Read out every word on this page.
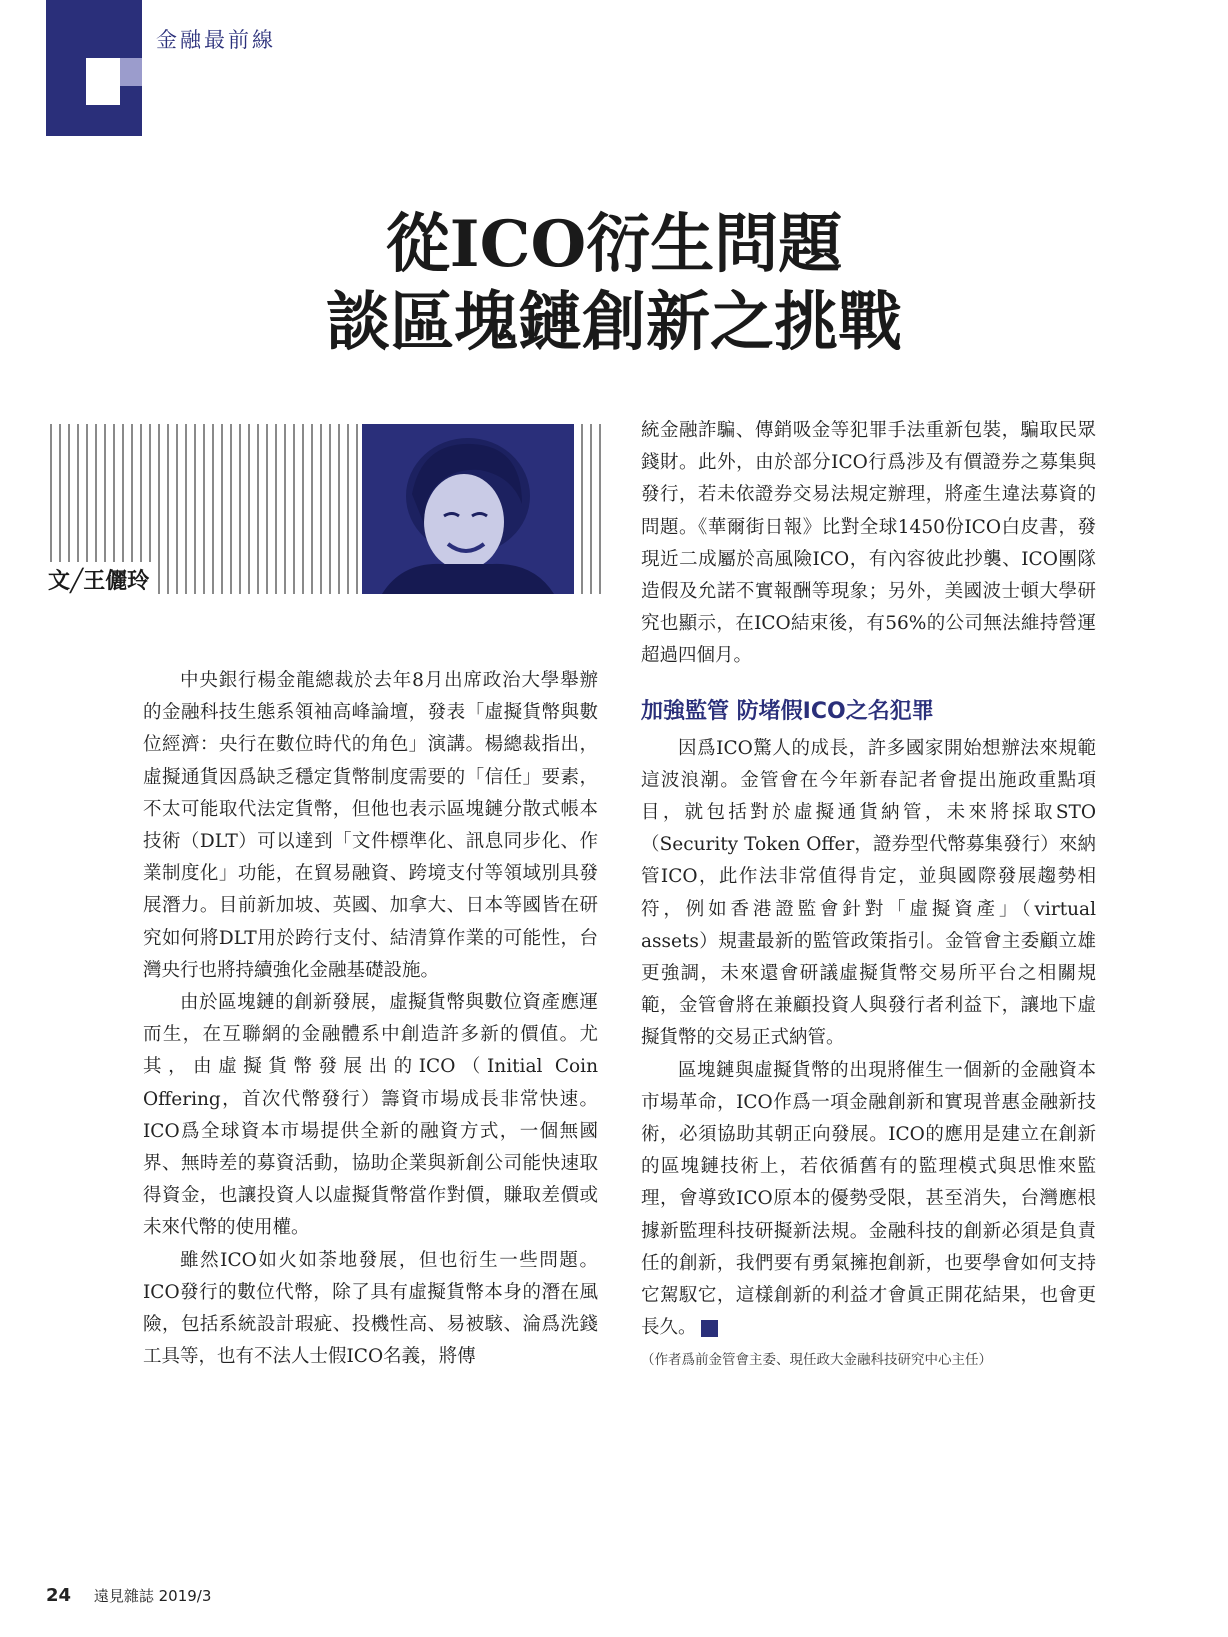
金融最前線
從ICO衍生問題
談區塊鏈創新之挑戰
文╱王儷玲

中央銀行楊金龍總裁於去年8月出席政治大學舉辦的金融科技生態系領袖高峰論壇，發表「虛擬貨幣與數位經濟：央行在數位時代的角色」演講。楊總裁指出，虛擬通貨因爲缺乏穩定貨幣制度需要的「信任」要素，不太可能取代法定貨幣，但他也表示區塊鏈分散式帳本技術（DLT）可以達到「文件標準化、訊息同步化、作業制度化」功能，在貿易融資、跨境支付等領域別具發展潛力。目前新加坡、英國、加拿大、日本等國皆在研究如何將DLT用於跨行支付、結清算作業的可能性，台灣央行也將持續強化金融基礎設施。

由於區塊鏈的創新發展，虛擬貨幣與數位資產應運而生，在互聯網的金融體系中創造許多新的價值。尤其，由虛擬貨幣發展出的ICO（Initial Coin Offering，首次代幣發行）籌資市場成長非常快速。ICO爲全球資本市場提供全新的融資方式，一個無國界、無時差的募資活動，協助企業與新創公司能快速取得資金，也讓投資人以虛擬貨幣當作對價，賺取差價或未來代幣的使用權。

雖然ICO如火如荼地發展，但也衍生一些問題。ICO發行的數位代幣，除了具有虛擬貨幣本身的潛在風險，包括系統設計瑕疵、投機性高、易被駭、淪爲洗錢工具等，也有不法人士假ICO名義，將傳

統金融詐騙、傳銷吸金等犯罪手法重新包裝，騙取民眾錢財。此外，由於部分ICO行爲涉及有價證券之募集與發行，若未依證券交易法規定辦理，將產生違法募資的問題。《華爾街日報》比對全球1450份ICO白皮書，發現近二成屬於高風險ICO，有內容彼此抄襲、ICO團隊造假及允諾不實報酬等現象；另外，美國波士頓大學研究也顯示，在ICO結束後，有56%的公司無法維持營運超過四個月。

加強監管 防堵假ICO之名犯罪

因爲ICO驚人的成長，許多國家開始想辦法來規範這波浪潮。金管會在今年新春記者會提出施政重點項目，就包括對於虛擬通貨納管，未來將採取STO（Security Token Offer，證券型代幣募集發行）來納管ICO，此作法非常值得肯定，並與國際發展趨勢相符，例如香港證監會針對「虛擬資產」（virtual assets）規畫最新的監管政策指引。金管會主委顧立雄更強調，未來還會研議虛擬貨幣交易所平台之相關規範，金管會將在兼顧投資人與發行者利益下，讓地下虛擬貨幣的交易正式納管。

區塊鏈與虛擬貨幣的出現將催生一個新的金融資本市場革命，ICO作爲一項金融創新和實現普惠金融新技術，必須協助其朝正向發展。ICO的應用是建立在創新的區塊鏈技術上，若依循舊有的監理模式與思惟來監理，會導致ICO原本的優勢受限，甚至消失，台灣應根據新監理科技研擬新法規。金融科技的創新必須是負責任的創新，我們要有勇氣擁抱創新，也要學會如何支持它駕馭它，這樣創新的利益才會眞正開花結果，也會更長久。	G

（作者爲前金管會主委、現任政大金融科技研究中心主任）
24 遠見雜誌 2019/3
